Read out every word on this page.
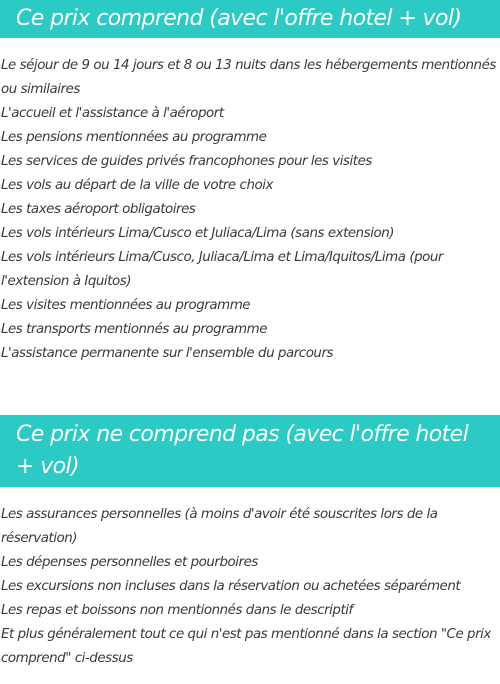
Ce prix comprend (avec l'offre hotel + vol)
Le séjour de 9 ou 14 jours et 8 ou 13 nuits dans les hébergements mentionnés ou similaires
L'accueil et l'assistance à l'aéroport
Les pensions mentionnées au programme
Les services de guides privés francophones pour les visites
Les vols au départ de la ville de votre choix
Les taxes aéroport obligatoires
Les vols intérieurs Lima/Cusco et Juliaca/Lima (sans extension)
Les vols intérieurs Lima/Cusco, Juliaca/Lima et Lima/Iquitos/Lima (pour l'extension à Iquitos)
Les visites mentionnées au programme
Les transports mentionnés au programme
L'assistance permanente sur l'ensemble du parcours
Ce prix ne comprend pas (avec l'offre hotel + vol)
Les assurances personnelles (à moins d'avoir été souscrites lors de la réservation)
Les dépenses personnelles et pourboires
Les excursions non incluses dans la réservation ou achetées séparément
Les repas et boissons non mentionnés dans le descriptif
Et plus généralement tout ce qui n'est pas mentionné dans la section "Ce prix comprend" ci-dessus
